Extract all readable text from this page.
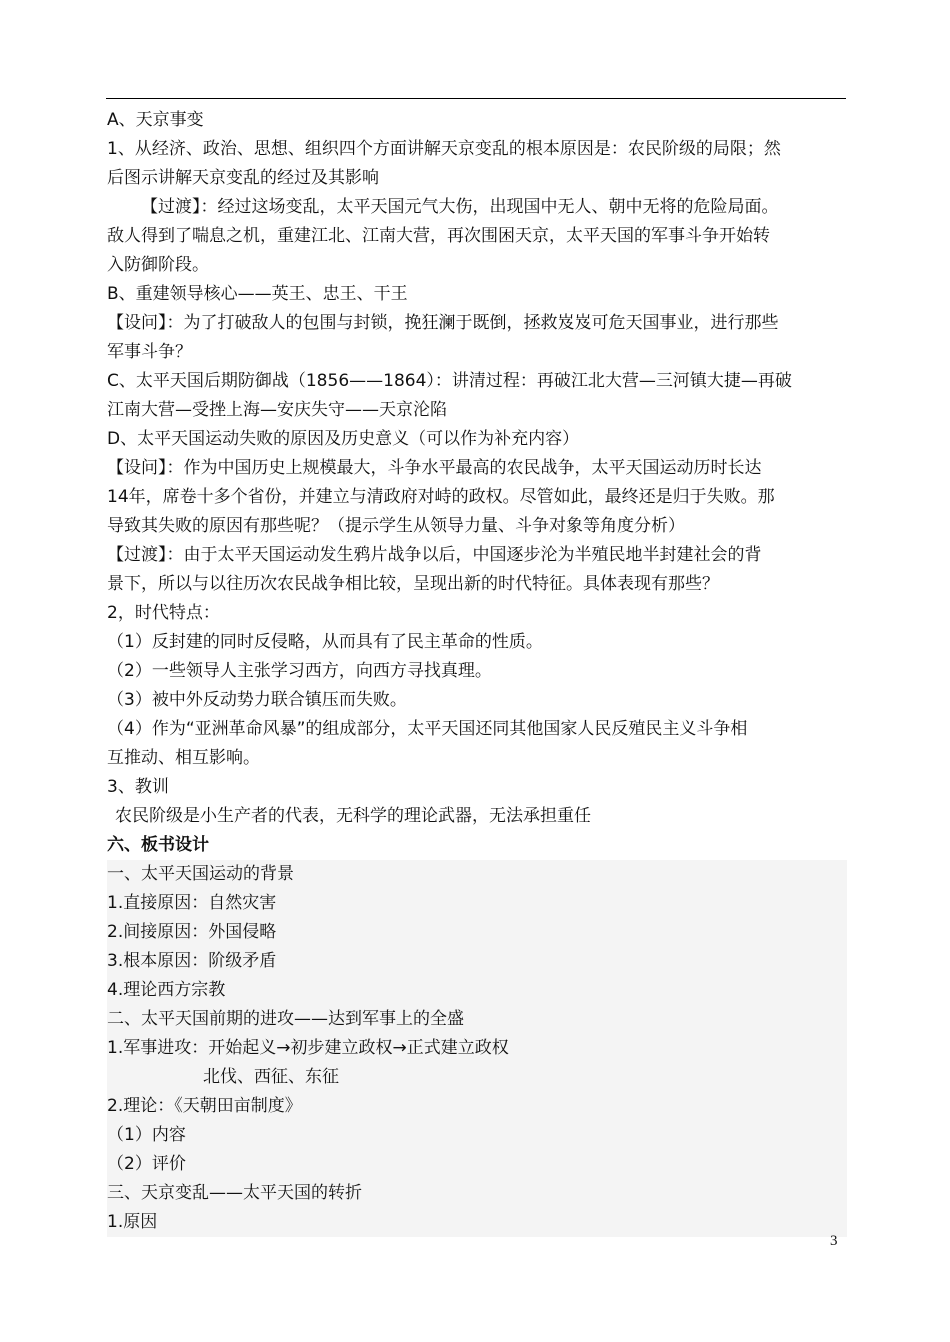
A、天京事变

1、从经济、政治、思想、组织四个方面讲解天京变乱的根本原因是：农民阶级的局限；然

后图示讲解天京变乱的经过及其影响

【过渡】：经过这场变乱，太平天国元气大伤，出现国中无人、朝中无将的危险局面。

敌人得到了喘息之机，重建江北、江南大营，再次围困天京，太平天国的军事斗争开始转

入防御阶段。

B、重建领导核心——英王、忠王、干王

【设问】：为了打破敌人的包围与封锁，挽狂澜于既倒，拯救岌岌可危天国事业，进行那些

军事斗争？

C、太平天国后期防御战（1856——1864）：讲清过程：再破江北大营—三河镇大捷—再破

江南大营—受挫上海—安庆失守——天京沦陷

D、太平天国运动失败的原因及历史意义（可以作为补充内容）

【设问】：作为中国历史上规模最大，斗争水平最高的农民战争，太平天国运动历时长达

14年，席卷十多个省份，并建立与清政府对峙的政权。尽管如此，最终还是归于失败。那

导致其失败的原因有那些呢？（提示学生从领导力量、斗争对象等角度分析）

【过渡】：由于太平天国运动发生鸦片战争以后，中国逐步沦为半殖民地半封建社会的背

景下，所以与以往历次农民战争相比较，呈现出新的时代特征。具体表现有那些？

2，时代特点：

（1）反封建的同时反侵略，从而具有了民主革命的性质。

（2）一些领导人主张学习西方，向西方寻找真理。

（3）被中外反动势力联合镇压而失败。

（4）作为“亚洲革命风暴”的组成部分，太平天国还同其他国家人民反殖民主义斗争相

互推动、相互影响。

3、教训

农民阶级是小生产者的代表，无科学的理论武器，无法承担重任

六、板书设计

一、太平天国运动的背景

1.直接原因：自然灾害

2.间接原因：外国侵略

3.根本原因：阶级矛盾

4.理论西方宗教

二、太平天国前期的进攻——达到军事上的全盛

1.军事进攻：开始起义→初步建立政权→正式建立政权

北伐、西征、东征

2.理论：《天朝田亩制度》

（1）内容

（2）评价

三、天京变乱——太平天国的转折

1.原因

3
